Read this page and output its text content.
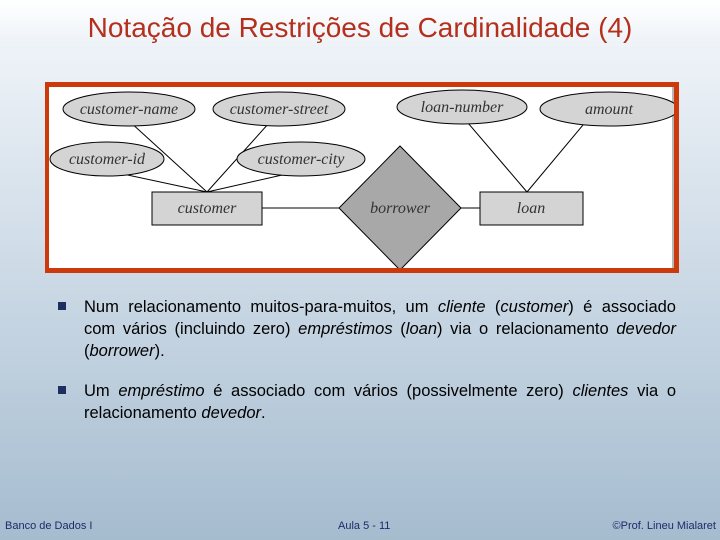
Notação de Restrições de Cardinalidade (4)
customer-name	customer-street
customer-id	customer-city
loan-number	amount
customer	loan
borrower
Num relacionamento muitos-para-muitos, um cliente (customer) é associado com vários (incluindo zero) empréstimos (loan) via o relacionamento devedor (borrower).
Um empréstimo é associado com vários (possivelmente zero) clientes via o relacionamento devedor.
Banco de Dados I	Aula 5 - 11	©Prof. Lineu Mialaret
